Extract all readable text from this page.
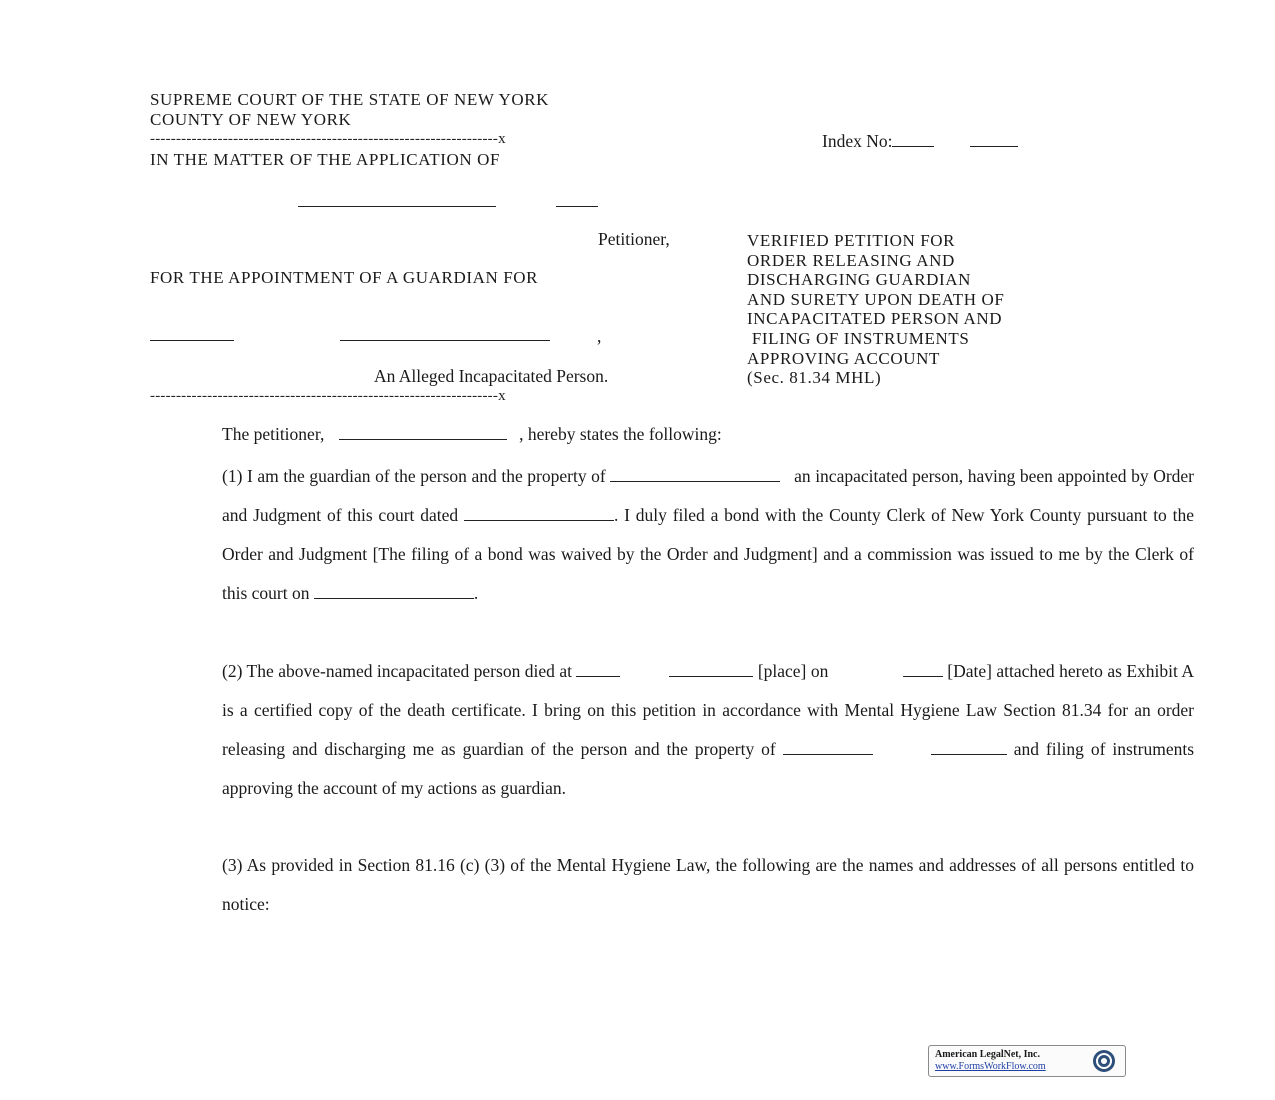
SUPREME COURT OF THE STATE OF NEW YORK
COUNTY OF NEW YORK
-------------------------------------------------------------------x	Index No:
IN THE MATTER OF THE APPLICATION OF
Petitioner,
FOR THE APPOINTMENT OF A GUARDIAN FOR
,
An Alleged Incapacitated Person.
-------------------------------------------------------------------x
VERIFIED PETITION FOR
ORDER RELEASING AND
DISCHARGING GUARDIAN
AND SURETY UPON DEATH OF
INCAPACITATED PERSON AND
FILING OF INSTRUMENTS
APPROVING ACCOUNT
(Sec. 81.34 MHL)
The petitioner,	, hereby states the following:
(1) I am the guardian of the person and the property of	an incapacitated person, having been appointed by Order and Judgment of this court dated	. I duly filed a bond with the County Clerk of New York County pursuant to the Order and Judgment [The filing of a bond was waived by the Order and Judgment] and a commission was issued to me by the Clerk of this court on	.
(2) The above-named incapacitated person died at	[place] on	[Date] attached hereto as Exhibit A is a certified copy of the death certificate. I bring on this petition in accordance with Mental Hygiene Law Section 81.34 for an order releasing and discharging me as guardian of the person and the property of	and filing of instruments approving the account of my actions as guardian.
(3) As provided in Section 81.16 (c) (3) of the Mental Hygiene Law, the following are the names and addresses of all persons entitled to notice:
American LegalNet, Inc.
www.FormsWorkFlow.com
